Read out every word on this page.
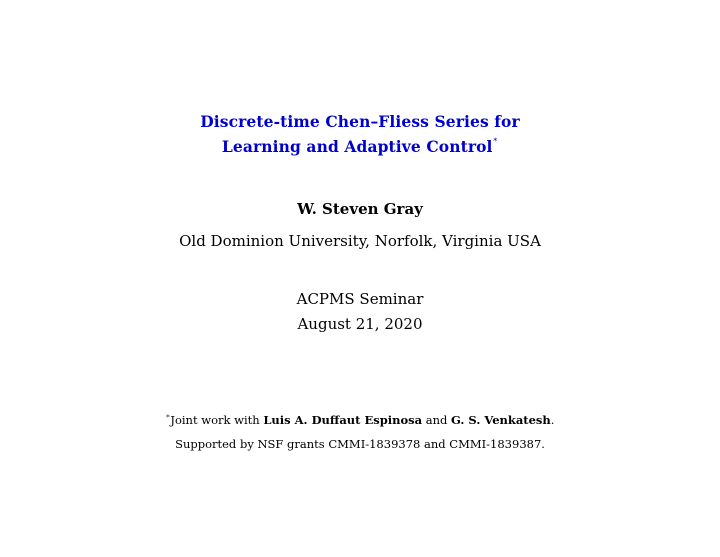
Discrete-time Chen–Fliess Series for
Learning and Adaptive Control∗
W. Steven Gray
Old Dominion University, Norfolk, Virginia USA
ACPMS Seminar
August 21, 2020
∗Joint work with Luis A. Duffaut Espinosa and G. S. Venkatesh.
Supported by NSF grants CMMI-1839378 and CMMI-1839387.
